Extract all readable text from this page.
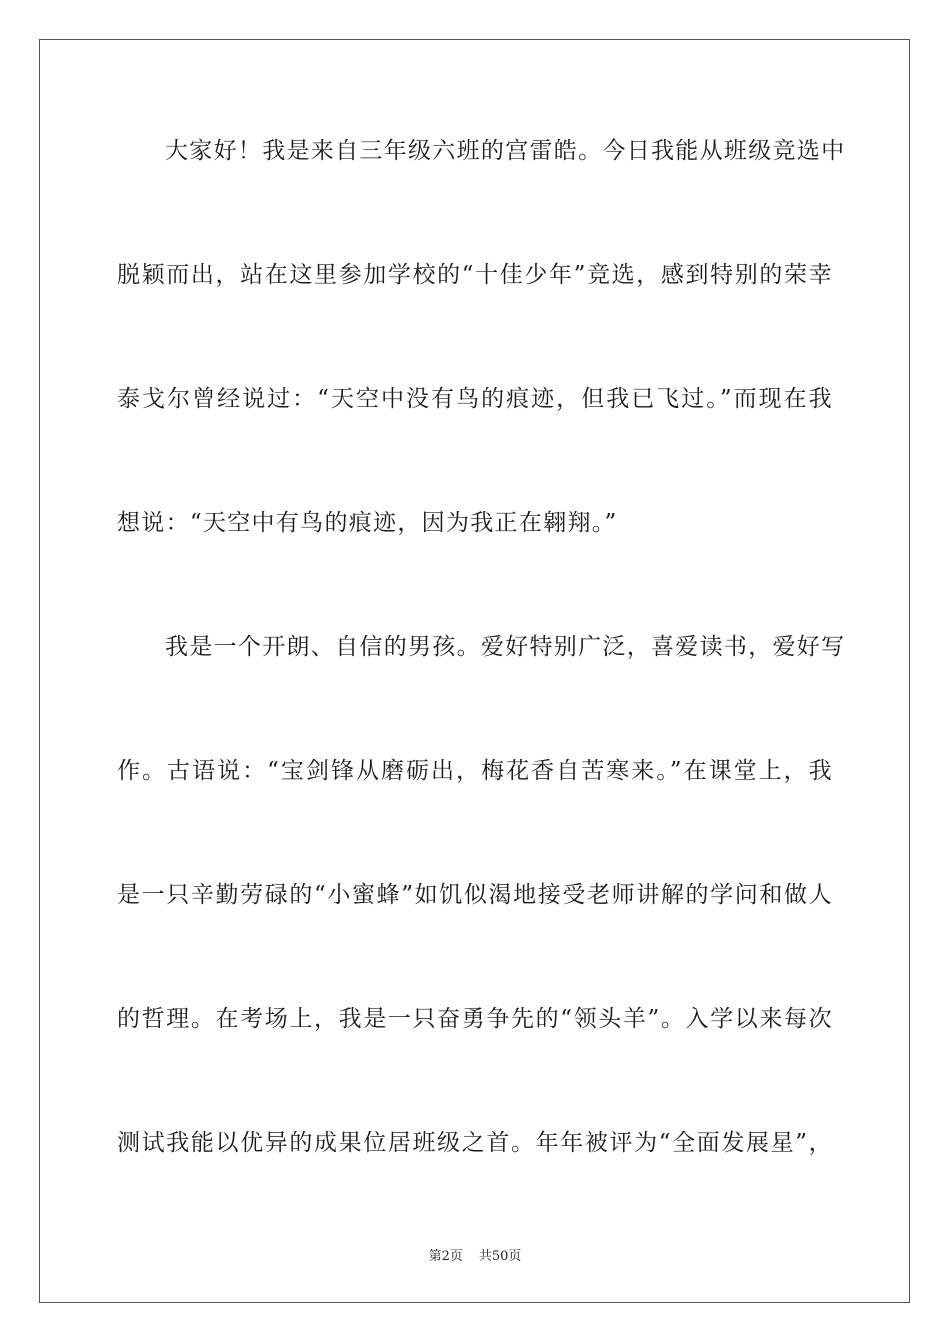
大家好！我是来自三年级六班的宫雷皓。今日我能从班级竞选中
脱颖而出，站在这里参加学校的“十佳少年”竞选，感到特别的荣幸
泰戈尔曾经说过：“天空中没有鸟的痕迹，但我已飞过。”而现在我
想说：“天空中有鸟的痕迹，因为我正在翱翔。”
我是一个开朗、自信的男孩。爱好特别广泛，喜爱读书，爱好写
作。古语说：“宝剑锋从磨砺出，梅花香自苦寒来。”在课堂上，我
是一只辛勤劳碌的“小蜜蜂”如饥似渴地接受老师讲解的学问和做人
的哲理。在考场上，我是一只奋勇争先的“领头羊”。入学以来每次
测试我能以优异的成果位居班级之首。年年被评为“全面发展星”，
第2页 共50页
